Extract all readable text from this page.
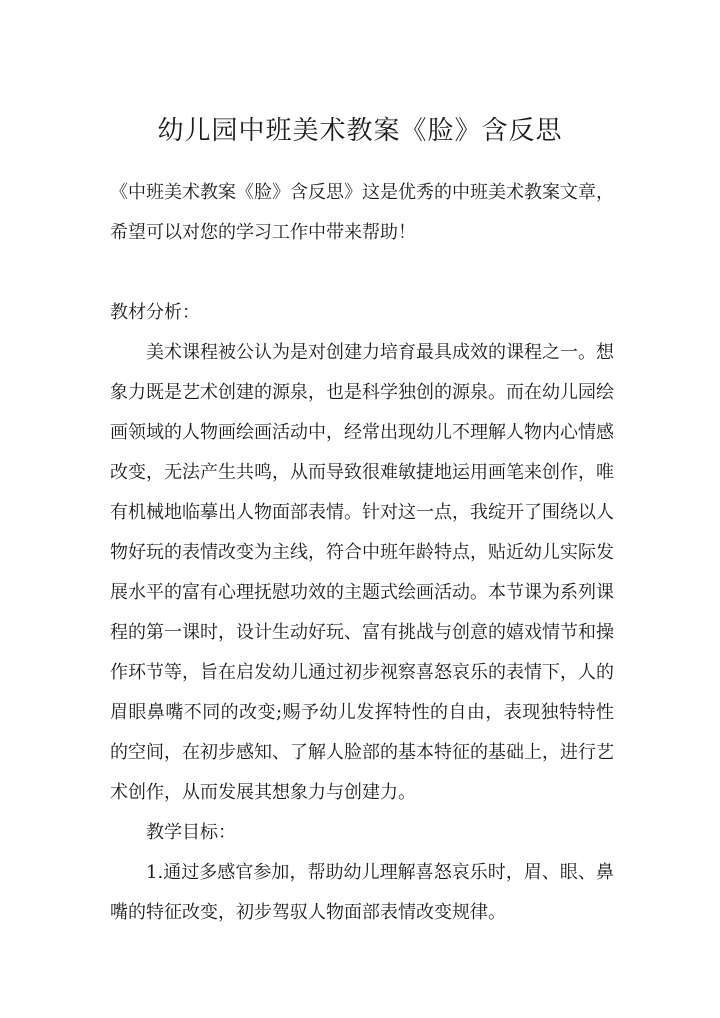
幼儿园中班美术教案《脸》含反思

《中班美术教案《脸》含反思》这是优秀的中班美术教案文章，希望可以对您的学习工作中带来帮助！

教材分析：

美术课程被公认为是对创建力培育最具成效的课程之一。想象力既是艺术创建的源泉，也是科学独创的源泉。而在幼儿园绘画领域的人物画绘画活动中，经常出现幼儿不理解人物内心情感改变，无法产生共鸣，从而导致很难敏捷地运用画笔来创作，唯有机械地临摹出人物面部表情。针对这一点，我绽开了围绕以人物好玩的表情改变为主线，符合中班年龄特点，贴近幼儿实际发展水平的富有心理抚慰功效的主题式绘画活动。本节课为系列课程的第一课时，设计生动好玩、富有挑战与创意的嬉戏情节和操作环节等，旨在启发幼儿通过初步视察喜怒哀乐的表情下，人的眉眼鼻嘴不同的改变;赐予幼儿发挥特性的自由，表现独特特性的空间，在初步感知、了解人脸部的基本特征的基础上，进行艺术创作，从而发展其想象力与创建力。

教学目标：

1.通过多感官参加，帮助幼儿理解喜怒哀乐时，眉、眼、鼻嘴的特征改变，初步驾驭人物面部表情改变规律。
